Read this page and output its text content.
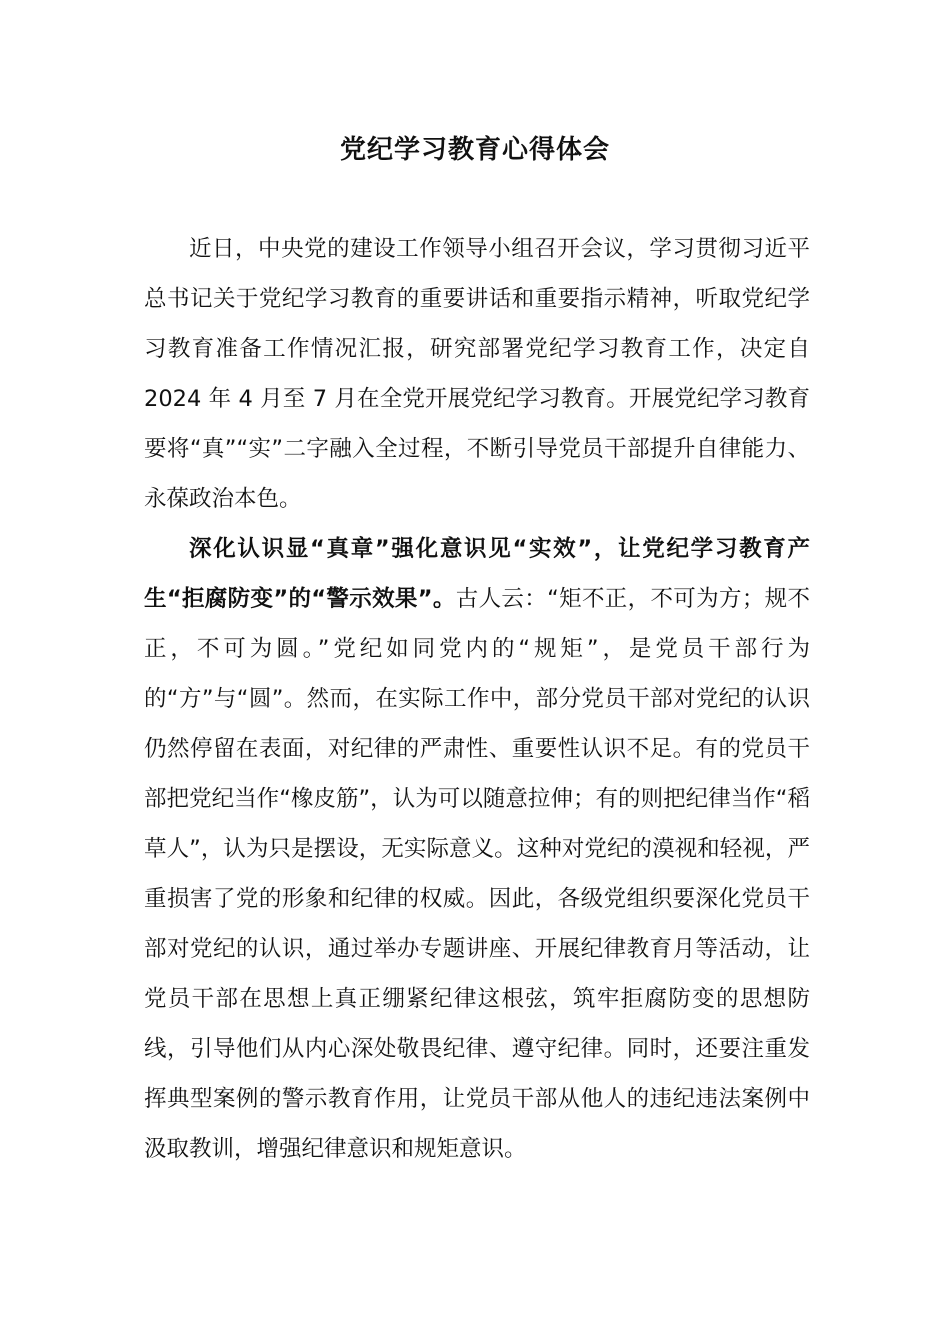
党纪学习教育心得体会

近日，中央党的建设工作领导小组召开会议，学习贯彻习近平总书记关于党纪学习教育的重要讲话和重要指示精神，听取党纪学习教育准备工作情况汇报，研究部署党纪学习教育工作，决定自 2024 年 4 月至 7 月在全党开展党纪学习教育。开展党纪学习教育要将“真”“实”二字融入全过程，不断引导党员干部提升自律能力、永葆政治本色。

深化认识显“真章”强化意识见“实效”，让党纪学习教育产生“拒腐防变”的“警示效果”。古人云：“矩不正，不可为方；规不正，不可为圆。”党纪如同党内的“规矩”，是党员干部行为的“方”与“圆”。然而，在实际工作中，部分党员干部对党纪的认识仍然停留在表面，对纪律的严肃性、重要性认识不足。有的党员干部把党纪当作“橡皮筋”，认为可以随意拉伸；有的则把纪律当作“稻草人”，认为只是摆设，无实际意义。这种对党纪的漠视和轻视，严重损害了党的形象和纪律的权威。因此，各级党组织要深化党员干部对党纪的认识，通过举办专题讲座、开展纪律教育月等活动，让党员干部在思想上真正绷紧纪律这根弦，筑牢拒腐防变的思想防线，引导他们从内心深处敬畏纪律、遵守纪律。同时，还要注重发挥典型案例的警示教育作用，让党员干部从他人的违纪违法案例中汲取教训，增强纪律意识和规矩意识。
